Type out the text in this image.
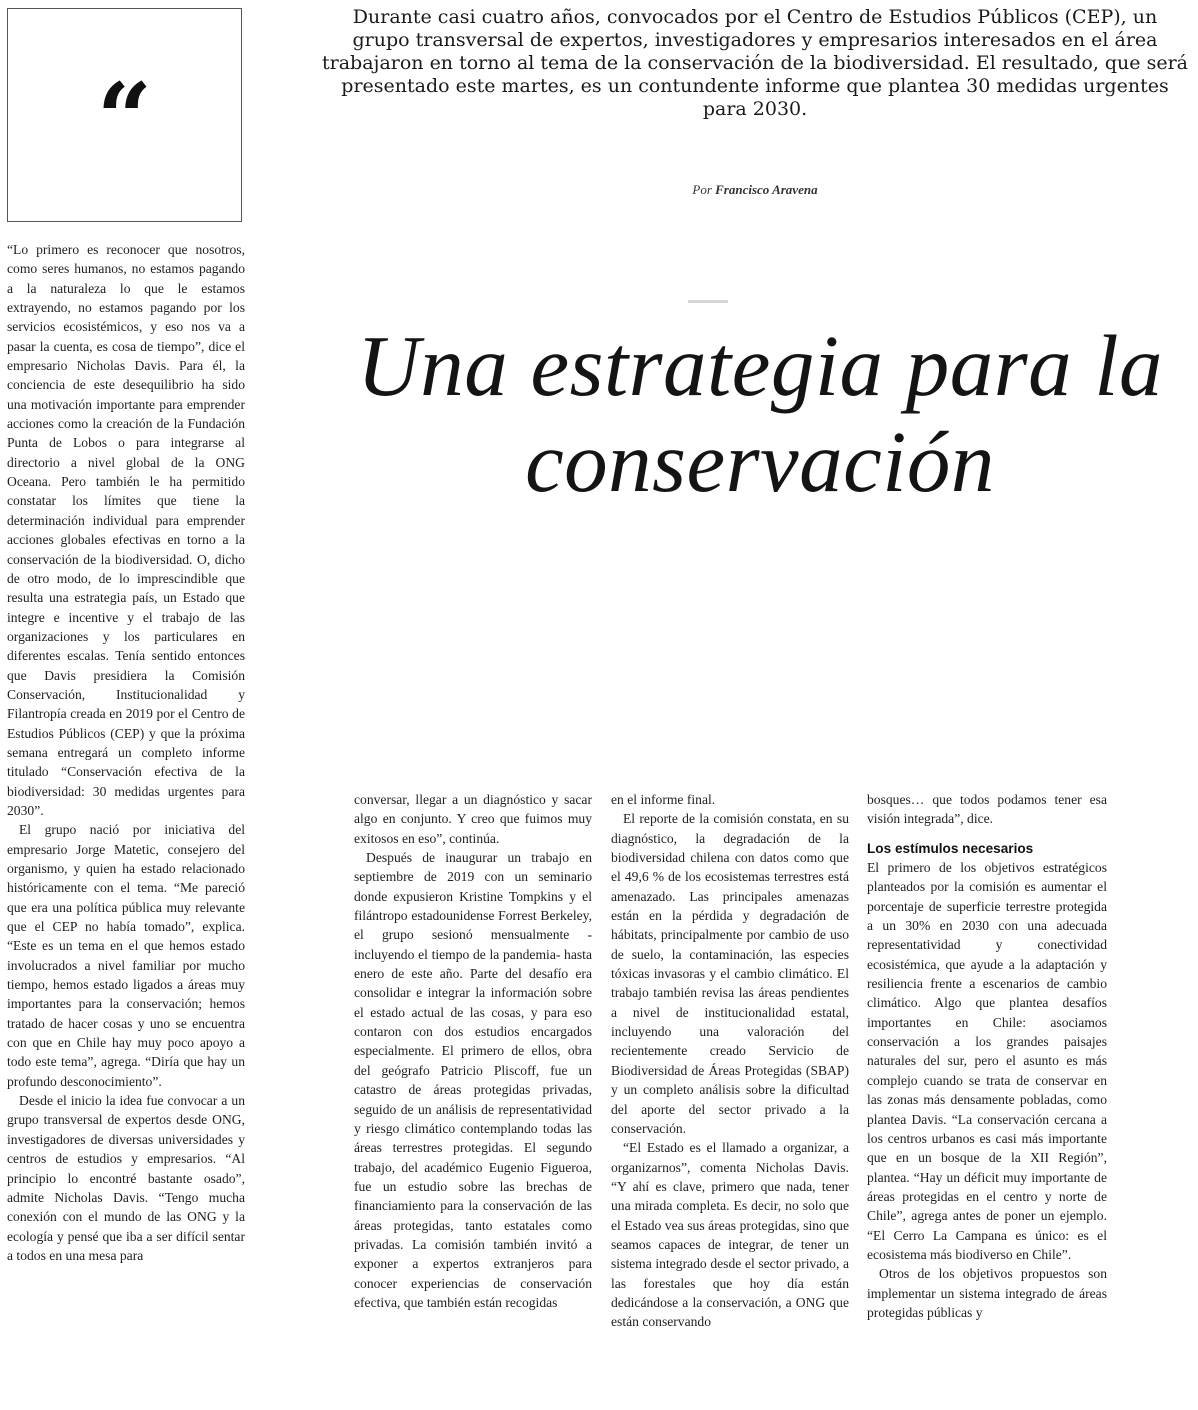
“
Durante casi cuatro años, convocados por el Centro de Estudios Públicos (CEP), un grupo transversal de expertos, investigadores y empresarios interesados en el área trabajaron en torno al tema de la conservación de la biodiversidad. El resultado, que será presentado este martes, es un contundente informe que plantea 30 medidas urgentes para 2030.
Por Francisco Aravena
Una estrategia para la conservación

“Lo primero es reconocer que nosotros, como seres humanos, no estamos pagando a la naturaleza lo que le estamos extrayendo, no estamos pagando por los servicios ecosistémicos, y eso nos va a pasar la cuenta, es cosa de tiempo”, dice el empresario Nicholas Davis. Para él, la conciencia de este desequilibrio ha sido una motivación importante para emprender acciones como la creación de la Fundación Punta de Lobos o para integrarse al directorio a nivel global de la ONG Oceana. Pero también le ha permitido constatar los límites que tiene la determinación individual para emprender acciones globales efectivas en torno a la conservación de la biodiversidad. O, dicho de otro modo, de lo imprescindible que resulta una estrategia país, un Estado que integre e incentive y el trabajo de las organizaciones y los particulares en diferentes escalas. Tenía sentido entonces que Davis presidiera la Comisión Conservación, Institucionalidad y Filantropía creada en 2019 por el Centro de Estudios Públicos (CEP) y que la próxima semana entregará un completo informe titulado “Conservación efectiva de la biodiversidad: 30 medidas urgentes para 2030”.

El grupo nació por iniciativa del empresario Jorge Matetic, consejero del organismo, y quien ha estado relacionado históricamente con el tema. “Me pareció que era una política pública muy relevante que el CEP no había tomado”, explica. “Este es un tema en el que hemos estado involucrados a nivel familiar por mucho tiempo, hemos estado ligados a áreas muy importantes para la conservación; hemos tratado de hacer cosas y uno se encuentra con que en Chile hay muy poco apoyo a todo este tema”, agrega. “Diría que hay un profundo desconocimiento”.

Desde el inicio la idea fue convocar a un grupo transversal de expertos desde ONG, investigadores de diversas universidades y centros de estudios y empresarios. “Al principio lo encontré bastante osado”, admite Nicholas Davis. “Tengo mucha conexión con el mundo de las ONG y la ecología y pensé que iba a ser difícil sentar a todos en una mesa para

conversar, llegar a un diagnóstico y sacar algo en conjunto. Y creo que fuimos muy exitosos en eso”, continúa.

Después de inaugurar un trabajo en septiembre de 2019 con un seminario donde expusieron Kristine Tompkins y el filántropo estadounidense Forrest Berkeley, el grupo sesionó mensualmente -incluyendo el tiempo de la pandemia- hasta enero de este año. Parte del desafío era consolidar e integrar la información sobre el estado actual de las cosas, y para eso contaron con dos estudios encargados especialmente. El primero de ellos, obra del geógrafo Patricio Pliscoff, fue un catastro de áreas protegidas privadas, seguido de un análisis de representatividad y riesgo climático contemplando todas las áreas terrestres protegidas. El segundo trabajo, del académico Eugenio Figueroa, fue un estudio sobre las brechas de financiamiento para la conservación de las áreas protegidas, tanto estatales como privadas. La comisión también invitó a exponer a expertos extranjeros para conocer experiencias de conservación efectiva, que también están recogidas

en el informe final.

El reporte de la comisión constata, en su diagnóstico, la degradación de la biodiversidad chilena con datos como que el 49,6 % de los ecosistemas terrestres está amenazado. Las principales amenazas están en la pérdida y degradación de hábitats, principalmente por cambio de uso de suelo, la contaminación, las especies tóxicas invasoras y el cambio climático. El trabajo también revisa las áreas pendientes a nivel de institucionalidad estatal, incluyendo una valoración del recientemente creado Servicio de Biodiversidad de Áreas Protegidas (SBAP) y un completo análisis sobre la dificultad del aporte del sector privado a la conservación.

“El Estado es el llamado a organizar, a organizarnos”, comenta Nicholas Davis. “Y ahí es clave, primero que nada, tener una mirada completa. Es decir, no solo que el Estado vea sus áreas protegidas, sino que seamos capaces de integrar, de tener un sistema integrado desde el sector privado, a las forestales que hoy día están dedicándose a la conservación, a ONG que están conservando

bosques… que todos podamos tener esa visión integrada”, dice.

Los estímulos necesarios

El primero de los objetivos estratégicos planteados por la comisión es aumentar el porcentaje de superficie terrestre protegida a un 30% en 2030 con una adecuada representatividad y conectividad ecosistémica, que ayude a la adaptación y resiliencia frente a escenarios de cambio climático. Algo que plantea desafíos importantes en Chile: asociamos conservación a los grandes paisajes naturales del sur, pero el asunto es más complejo cuando se trata de conservar en las zonas más densamente pobladas, como plantea Davis. “La conservación cercana a los centros urbanos es casi más importante que en un bosque de la XII Región”, plantea. “Hay un déficit muy importante de áreas protegidas en el centro y norte de Chile”, agrega antes de poner un ejemplo. “El Cerro La Campana es único: es el ecosistema más biodiverso en Chile”.

Otros de los objetivos propuestos son implementar un sistema integrado de áreas protegidas públicas y
